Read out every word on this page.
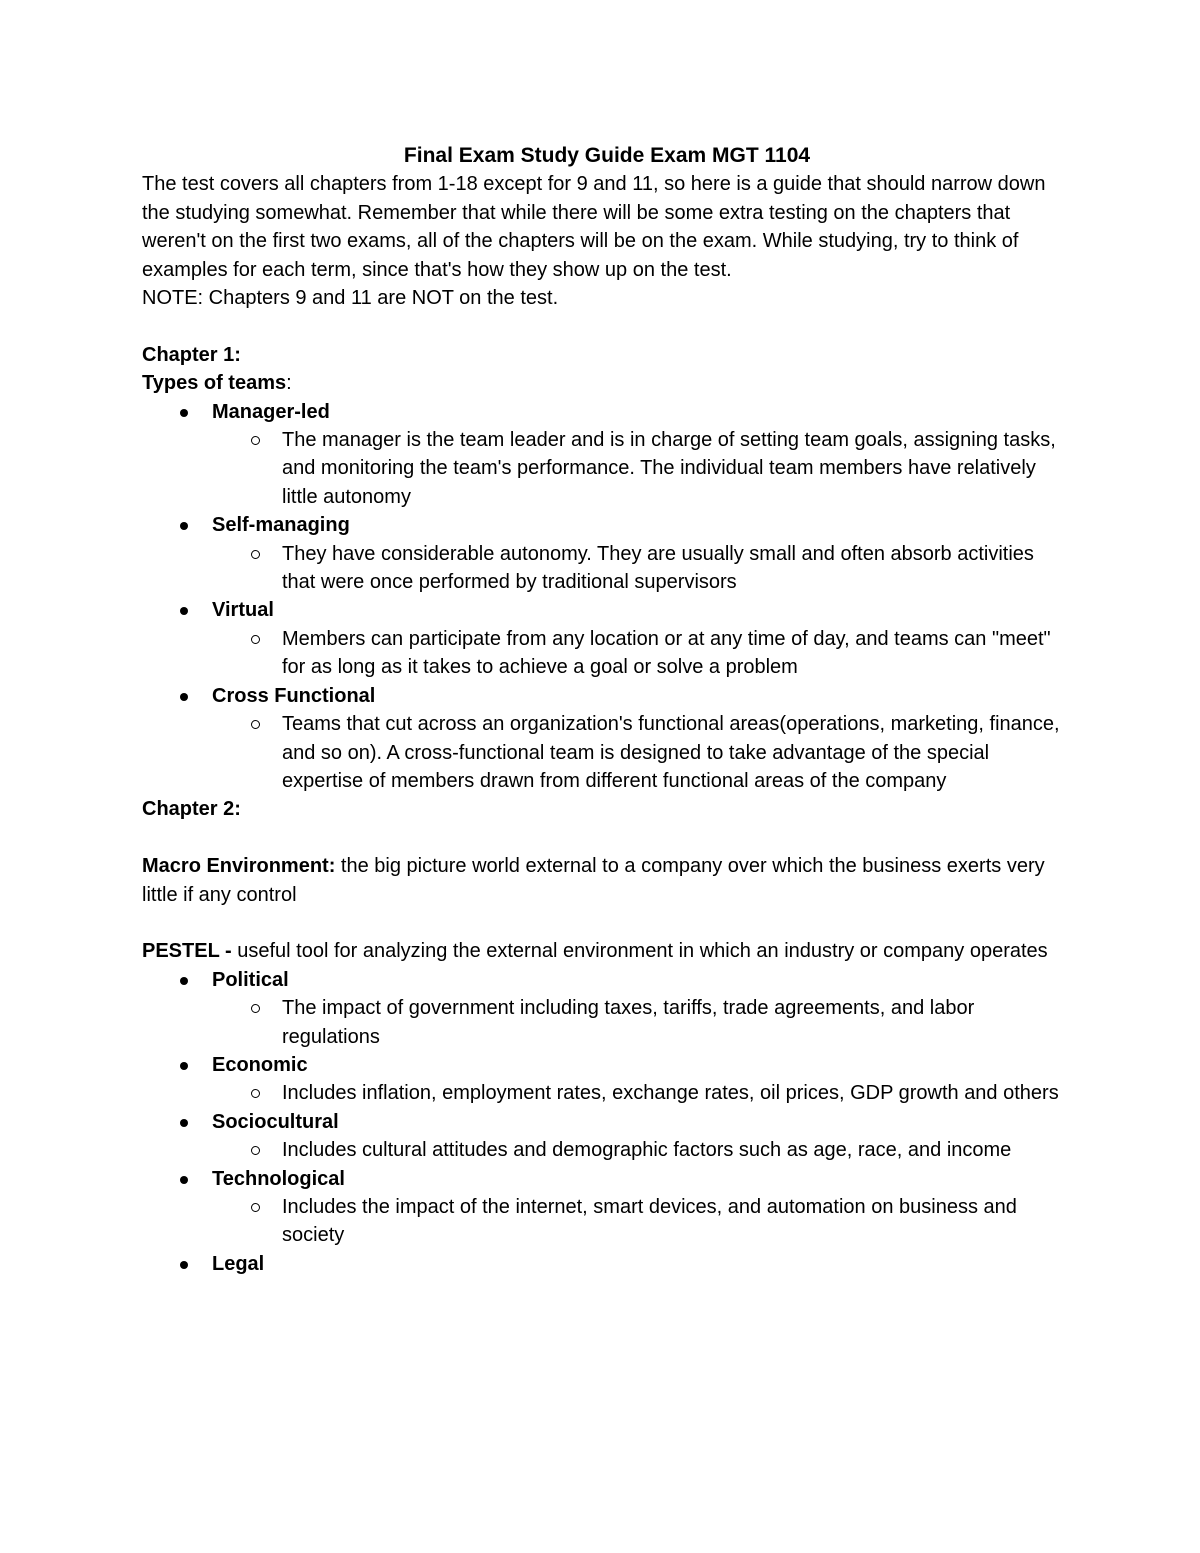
Final Exam Study Guide Exam MGT 1104

The test covers all chapters from 1-18 except for 9 and 11, so here is a guide that should narrow down the studying somewhat. Remember that while there will be some extra testing on the chapters that weren't on the first two exams, all of the chapters will be on the exam. While studying, try to think of examples for each term, since that's how they show up on the test.

NOTE: Chapters 9 and 11 are NOT on the test.

Chapter 1:

Types of teams:

Manager-led
The manager is the team leader and is in charge of setting team goals, assigning tasks, and monitoring the team's performance. The individual team members have relatively little autonomy
Self-managing
They have considerable autonomy. They are usually small and often absorb activities that were once performed by traditional supervisors
Virtual
Members can participate from any location or at any time of day, and teams can "meet" for as long as it takes to achieve a goal or solve a problem
Cross Functional
Teams that cut across an organization's functional areas(operations, marketing, finance, and so on). A cross-functional team is designed to take advantage of the special expertise of members drawn from different functional areas of the company

Chapter 2:

Macro Environment: the big picture world external to a company over which the business exerts very little if any control

PESTEL - useful tool for analyzing the external environment in which an industry or company operates

Political
The impact of government including taxes, tariffs, trade agreements, and labor regulations
Economic
Includes inflation, employment rates, exchange rates, oil prices, GDP growth and others
Sociocultural
Includes cultural attitudes and demographic factors such as age, race, and income
Technological
Includes the impact of the internet, smart devices, and automation on business and society
Legal
